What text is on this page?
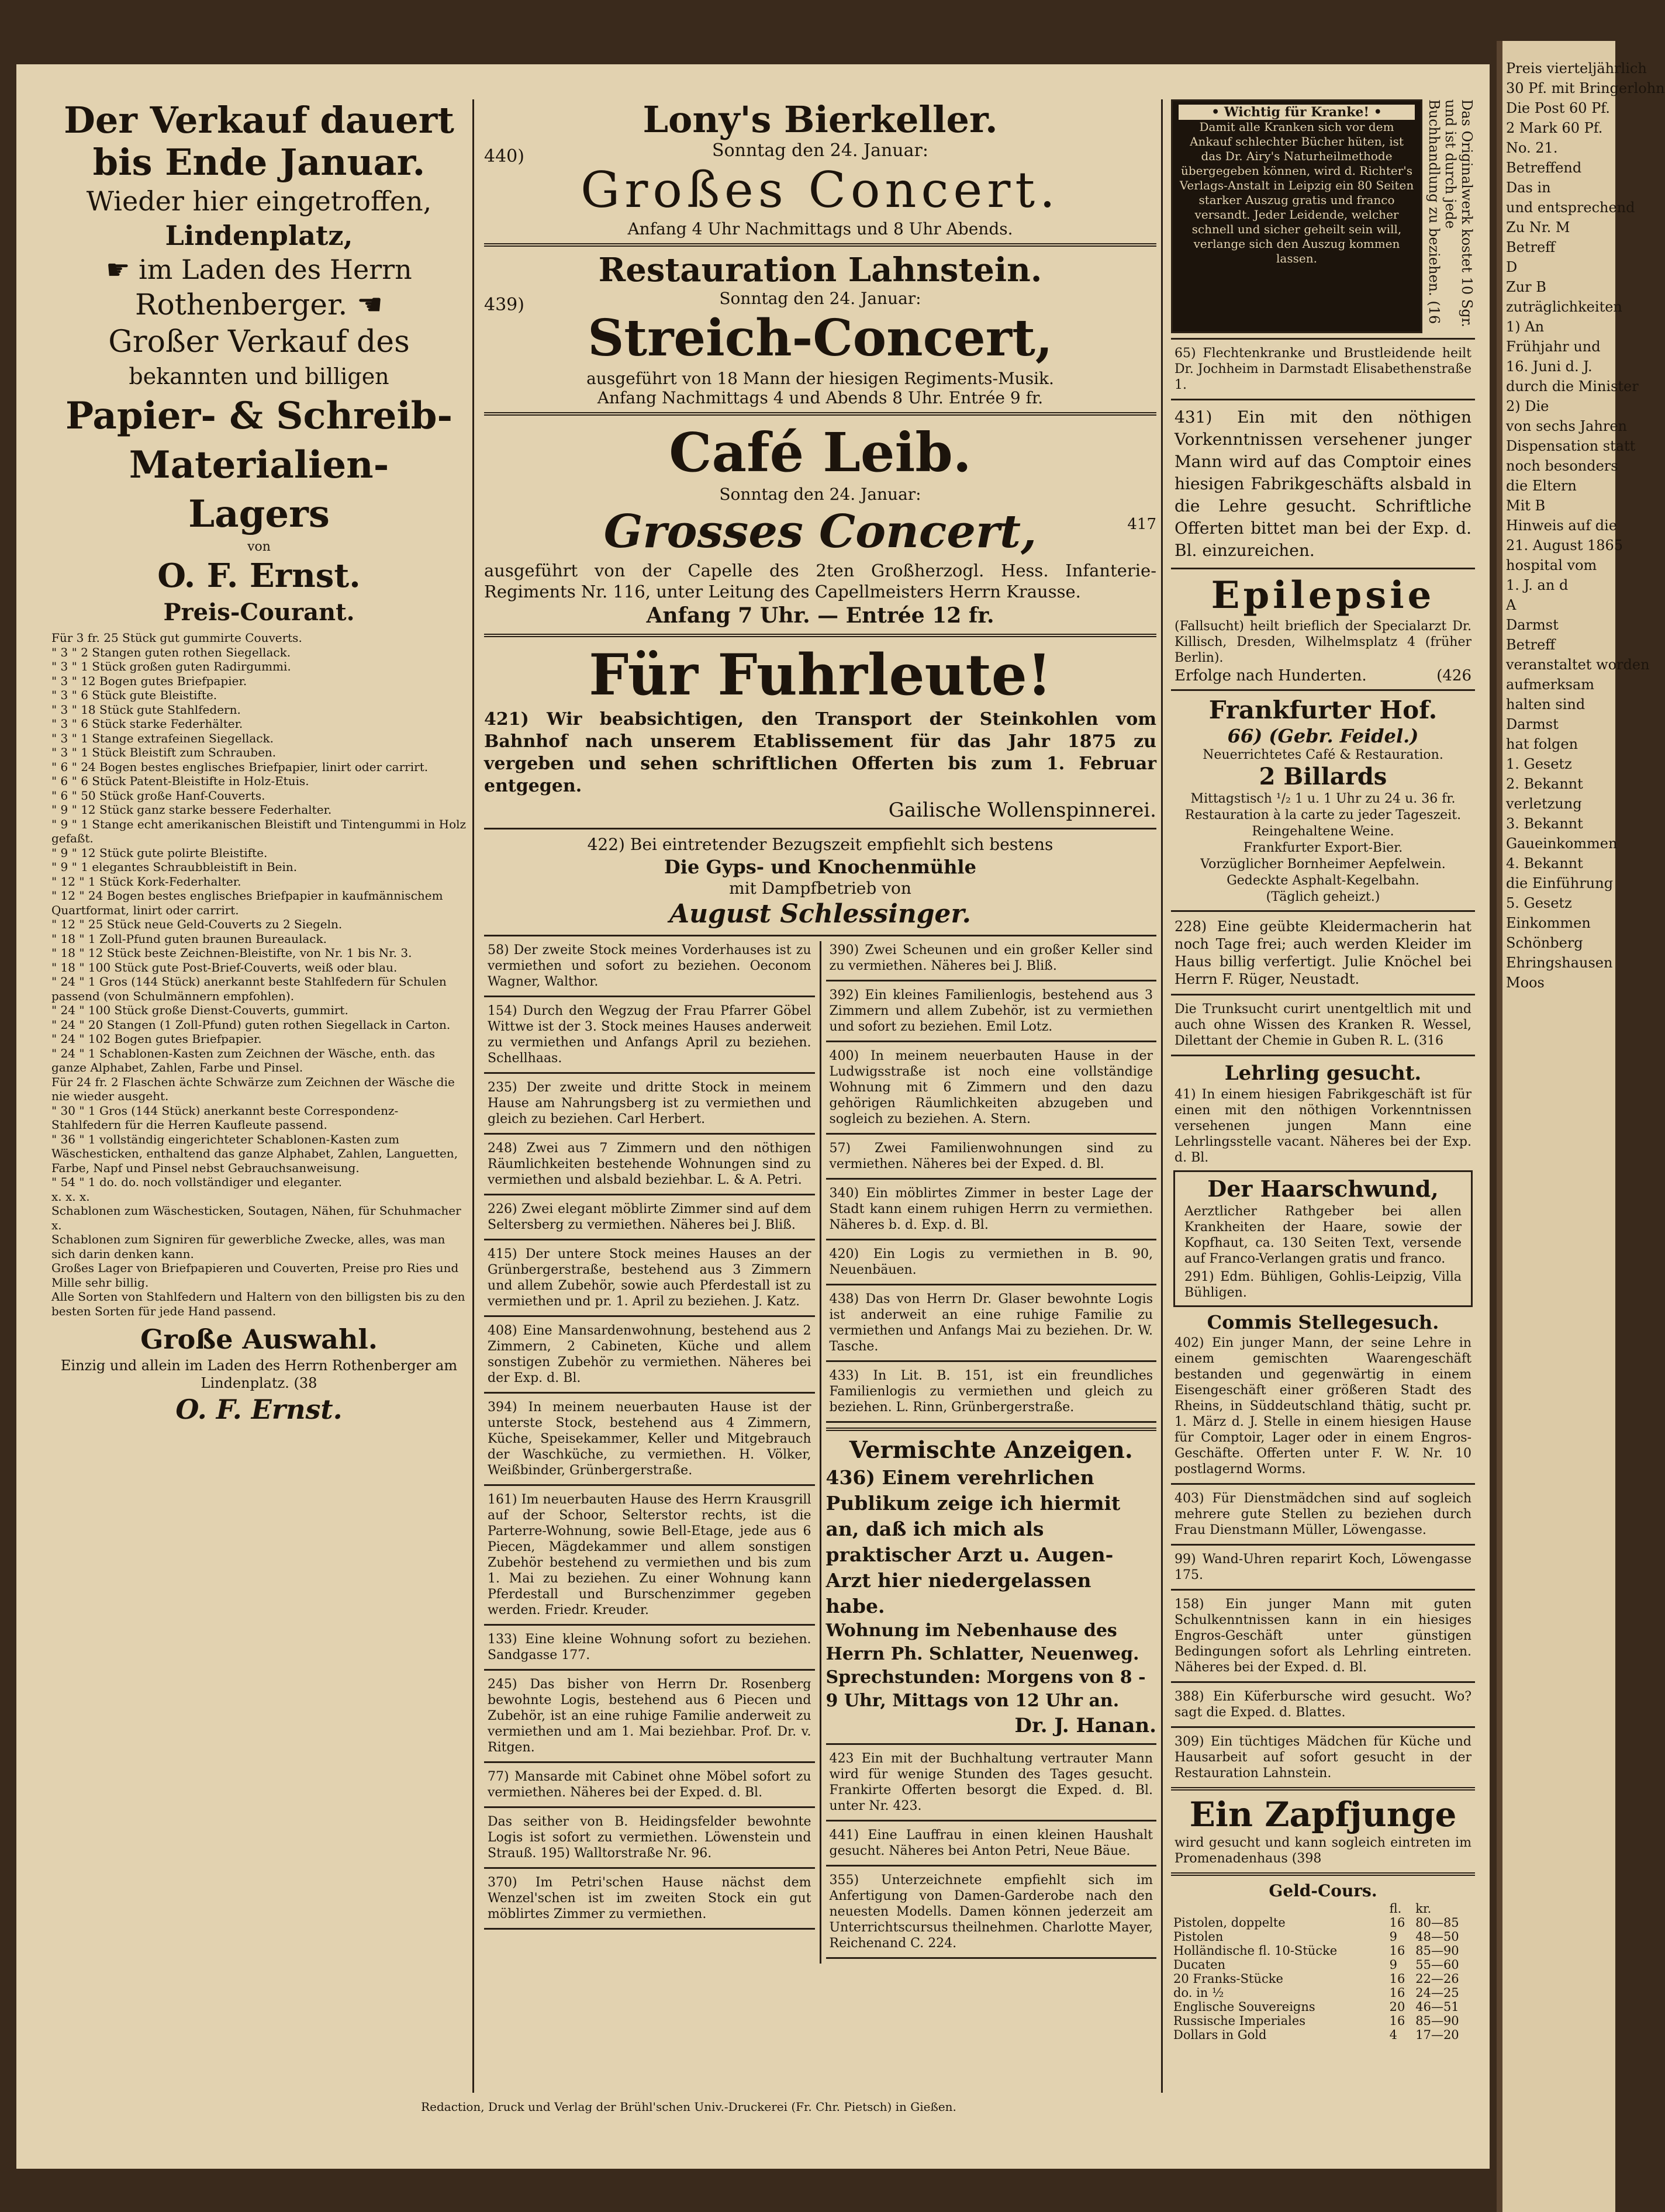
Der Verkauf dauert
bis Ende Januar.
Wieder hier eingetroffen,
Lindenplatz,
☛ im Laden des Herrn
Rothenberger. ☚
Großer Verkauf des
bekannten und billigen
Papier- & Schreib-
Materialien-
Lagers
von
O. F. Ernst.
Preis-Courant.
Für 3 fr. 25 Stück gut gummirte Couverts.
" 3 " 2 Stangen guten rothen Siegellack.
" 3 " 1 Stück großen guten Radirgummi.
" 3 " 12 Bogen gutes Briefpapier.
" 3 " 6 Stück gute Bleistifte.
" 3 " 18 Stück gute Stahlfedern.
" 3 " 6 Stück starke Federhälter.
" 3 " 1 Stange extrafeinen Siegellack.
" 3 " 1 Stück Bleistift zum Schrauben.
" 6 " 24 Bogen bestes englisches Briefpapier, linirt oder carrirt.
" 6 " 6 Stück Patent-Bleistifte in Holz-Etuis.
" 6 " 50 Stück große Hanf-Couverts.
" 9 " 12 Stück ganz starke bessere Federhalter.
" 9 " 1 Stange echt amerikanischen Bleistift und Tintengummi in Holz gefaßt.
" 9 " 12 Stück gute polirte Bleistifte.
" 9 " 1 elegantes Schraubbleistift in Bein.
" 12 " 1 Stück Kork-Federhalter.
" 12 " 24 Bogen bestes englisches Briefpapier in kaufmännischem Quartformat, linirt oder carrirt.
" 12 " 25 Stück neue Geld-Couverts zu 2 Siegeln.
" 18 " 1 Zoll-Pfund guten braunen Bureaulack.
" 18 " 12 Stück beste Zeichnen-Bleistifte, von Nr. 1 bis Nr. 3.
" 18 " 100 Stück gute Post-Brief-Couverts, weiß oder blau.
" 24 " 1 Gros (144 Stück) anerkannt beste Stahlfedern für Schulen passend (von Schulmännern empfohlen).
" 24 " 100 Stück große Dienst-Couverts, gummirt.
" 24 " 20 Stangen (1 Zoll-Pfund) guten rothen Siegellack in Carton.
" 24 " 102 Bogen gutes Briefpapier.
" 24 " 1 Schablonen-Kasten zum Zeichnen der Wäsche, enth. das ganze Alphabet, Zahlen, Farbe und Pinsel.
Für 24 fr. 2 Flaschen ächte Schwärze zum Zeichnen der Wäsche die nie wieder ausgeht.
" 30 " 1 Gros (144 Stück) anerkannt beste Correspondenz-Stahlfedern für die Herren Kaufleute passend.
" 36 " 1 vollständig eingerichteter Schablonen-Kasten zum Wäschesticken, enthaltend das ganze Alphabet, Zahlen, Languetten, Farbe, Napf und Pinsel nebst Gebrauchsanweisung.
" 54 " 1 do. do. noch vollständiger und eleganter.
x. x. x.
Schablonen zum Wäschesticken, Soutagen, Nähen, für Schuhmacher x.
Schablonen zum Signiren für gewerbliche Zwecke, alles, was man sich darin denken kann.
Großes Lager von Briefpapieren und Couverten, Preise pro Ries und Mille sehr billig.
Alle Sorten von Stahlfedern und Haltern von den billigsten bis zu den besten Sorten für jede Hand passend.
Große Auswahl.
Einzig und allein im Laden des Herrn Rothenberger am Lindenplatz. (38
O. F. Ernst.
Lony's Bierkeller.
440)	Sonntag den 24. Januar:
Großes Concert.
Anfang 4 Uhr Nachmittags und 8 Uhr Abends.
Restauration Lahnstein.
439)	Sonntag den 24. Januar:
Streich-Concert,
ausgeführt von 18 Mann der hiesigen Regiments-Musik.
Anfang Nachmittags 4 und Abends 8 Uhr. Entrée 9 fr.
Café Leib.
Sonntag den 24. Januar:
Grosses Concert,	417
ausgeführt von der Capelle des 2ten Großherzogl. Hess. Infanterie-Regiments Nr. 116, unter Leitung des Capellmeisters Herrn Krausse.
Anfang 7 Uhr. — Entrée 12 fr.
Für Fuhrleute!
421) Wir beabsichtigen, den Transport der Steinkohlen vom Bahnhof nach unserem Etablissement für das Jahr 1875 zu vergeben und sehen schriftlichen Offerten bis zum 1. Februar entgegen.
Gailische Wollenspinnerei.
422) Bei eintretender Bezugszeit empfiehlt sich bestens
Die Gyps- und Knochenmühle
mit Dampfbetrieb von
August Schlessinger.
58) Der zweite Stock meines Vorderhauses ist zu vermiethen und sofort zu beziehen. Oeconom Wagner, Walthor.
154) Durch den Wegzug der Frau Pfarrer Göbel Wittwe ist der 3. Stock meines Hauses anderweit zu vermiethen und Anfangs April zu beziehen. Schellhaas.
235) Der zweite und dritte Stock in meinem Hause am Nahrungsberg ist zu vermiethen und gleich zu beziehen. Carl Herbert.
248) Zwei aus 7 Zimmern und den nöthigen Räumlichkeiten bestehende Wohnungen sind zu vermiethen und alsbald beziehbar. L. & A. Petri.
226) Zwei elegant möblirte Zimmer sind auf dem Seltersberg zu vermiethen. Näheres bei J. Bliß.
415) Der untere Stock meines Hauses an der Grünbergerstraße, bestehend aus 3 Zimmern und allem Zubehör, sowie auch Pferdestall ist zu vermiethen und pr. 1. April zu beziehen. J. Katz.
408) Eine Mansardenwohnung, bestehend aus 2 Zimmern, 2 Cabineten, Küche und allem sonstigen Zubehör zu vermiethen. Näheres bei der Exp. d. Bl.
394) In meinem neuerbauten Hause ist der unterste Stock, bestehend aus 4 Zimmern, Küche, Speisekammer, Keller und Mitgebrauch der Waschküche, zu vermiethen. H. Völker, Weißbinder, Grünbergerstraße.
161) Im neuerbauten Hause des Herrn Krausgrill auf der Schoor, Selterstor rechts, ist die Parterre-Wohnung, sowie Bell-Etage, jede aus 6 Piecen, Mägdekammer und allem sonstigen Zubehör bestehend zu vermiethen und bis zum 1. Mai zu beziehen. Zu einer Wohnung kann Pferdestall und Burschenzimmer gegeben werden. Friedr. Kreuder.
133) Eine kleine Wohnung sofort zu beziehen. Sandgasse 177.
245) Das bisher von Herrn Dr. Rosenberg bewohnte Logis, bestehend aus 6 Piecen und Zubehör, ist an eine ruhige Familie anderweit zu vermiethen und am 1. Mai beziehbar. Prof. Dr. v. Ritgen.
77) Mansarde mit Cabinet ohne Möbel sofort zu vermiethen. Näheres bei der Exped. d. Bl.
Das seither von B. Heidingsfelder bewohnte Logis ist sofort zu vermiethen. Löwenstein und Strauß. 195) Walltorstraße Nr. 96.
370) Im Petri'schen Hause nächst dem Wenzel'schen ist im zweiten Stock ein gut möblirtes Zimmer zu vermiethen.
390) Zwei Scheunen und ein großer Keller sind zu vermiethen. Näheres bei J. Bliß.
392) Ein kleines Familienlogis, bestehend aus 3 Zimmern und allem Zubehör, ist zu vermiethen und sofort zu beziehen. Emil Lotz.
400) In meinem neuerbauten Hause in der Ludwigsstraße ist noch eine vollständige Wohnung mit 6 Zimmern und den dazu gehörigen Räumlichkeiten abzugeben und sogleich zu beziehen. A. Stern.
57) Zwei Familienwohnungen sind zu vermiethen. Näheres bei der Exped. d. Bl.
340) Ein möblirtes Zimmer in bester Lage der Stadt kann einem ruhigen Herrn zu vermiethen. Näheres b. d. Exp. d. Bl.
420) Ein Logis zu vermiethen in B. 90, Neuenbäuen.
438) Das von Herrn Dr. Glaser bewohnte Logis ist anderweit an eine ruhige Familie zu vermiethen und Anfangs Mai zu beziehen. Dr. W. Tasche.
433) In Lit. B. 151, ist ein freundliches Familienlogis zu vermiethen und gleich zu beziehen. L. Rinn, Grünbergerstraße.
Vermischte Anzeigen.
436) Einem verehrlichen Publikum zeige ich hiermit an, daß ich mich als praktischer Arzt u. Augen-Arzt hier niedergelassen habe.
Wohnung im Nebenhause des Herrn Ph. Schlatter, Neuenweg.
Sprechstunden: Morgens von 8 - 9 Uhr, Mittags von 12 Uhr an.
Dr. J. Hanan.
423 Ein mit der Buchhaltung vertrauter Mann wird für wenige Stunden des Tages gesucht. Frankirte Offerten besorgt die Exped. d. Bl. unter Nr. 423.
441) Eine Lauffrau in einen kleinen Haushalt gesucht. Näheres bei Anton Petri, Neue Bäue.
355) Unterzeichnete empfiehlt sich im Anfertigung von Damen-Garderobe nach den neuesten Modells. Damen können jederzeit am Unterrichtscursus theilnehmen. Charlotte Mayer, Reichenand C. 224.
• Wichtig für Kranke! •
Damit alle Kranken sich vor dem Ankauf schlechter Bücher hüten, ist das Dr. Airy's Naturheilmethode übergegeben können, wird d. Richter's Verlags-Anstalt in Leipzig ein 80 Seiten starker Auszug gratis und franco versandt. Jeder Leidende, welcher schnell und sicher geheilt sein will, verlange sich den Auszug kommen lassen.	Das Originalwerk kostet 10 Sgr. und ist durch jede Buchhandlung zu beziehen. (16
65) Flechtenkranke und Brustleidende heilt Dr. Jochheim in Darmstadt Elisabethenstraße 1.
431) Ein mit den nöthigen Vorkenntnissen versehener junger Mann wird auf das Comptoir eines hiesigen Fabrikgeschäfts alsbald in die Lehre gesucht. Schriftliche Offerten bittet man bei der Exp. d. Bl. einzureichen.
Epilepsie
(Fallsucht) heilt brieflich der Specialarzt Dr. Killisch, Dresden, Wilhelmsplatz 4 (früher Berlin).
Erfolge nach Hunderten.	(426
Frankfurter Hof.
66) (Gebr. Feidel.)
Neuerrichtetes Café & Restauration.
2 Billards
Mittagstisch ¹/₂ 1 u. 1 Uhr zu 24 u. 36 fr.
Restauration à la carte zu jeder Tageszeit.
Reingehaltene Weine.
Frankfurter Export-Bier.
Vorzüglicher Bornheimer Aepfelwein.
Gedeckte Asphalt-Kegelbahn.
(Täglich geheizt.)
228) Eine geübte Kleidermacherin hat noch Tage frei; auch werden Kleider im Haus billig verfertigt. Julie Knöchel bei Herrn F. Rüger, Neustadt.
Die Trunksucht curirt unentgeltlich mit und auch ohne Wissen des Kranken R. Wessel, Dilettant der Chemie in Guben R. L. (316
Lehrling gesucht.
41) In einem hiesigen Fabrikgeschäft ist für einen mit den nöthigen Vorkenntnissen versehenen jungen Mann eine Lehrlingsstelle vacant. Näheres bei der Exp. d. Bl.
Der Haarschwund,
Aerztlicher Rathgeber bei allen Krankheiten der Haare, sowie der Kopfhaut, ca. 130 Seiten Text, versende auf Franco-Verlangen gratis und franco.
291) Edm. Bühligen, Gohlis-Leipzig, Villa Bühligen.
Commis Stellegesuch.
402) Ein junger Mann, der seine Lehre in einem gemischten Waarengeschäft bestanden und gegenwärtig in einem Eisengeschäft einer größeren Stadt des Rheins, in Süddeutschland thätig, sucht pr. 1. März d. J. Stelle in einem hiesigen Hause für Comptoir, Lager oder in einem Engros-Geschäfte. Offerten unter F. W. Nr. 10 postlagernd Worms.
403) Für Dienstmädchen sind auf sogleich mehrere gute Stellen zu beziehen durch Frau Dienstmann Müller, Löwengasse.
99) Wand-Uhren reparirt Koch, Löwengasse 175.
158) Ein junger Mann mit guten Schulkenntnissen kann in ein hiesiges Engros-Geschäft unter günstigen Bedingungen sofort als Lehrling eintreten. Näheres bei der Exped. d. Bl.
388) Ein Küferbursche wird gesucht. Wo? sagt die Exped. d. Blattes.
309) Ein tüchtiges Mädchen für Küche und Hausarbeit auf sofort gesucht in der Restauration Lahnstein.
Ein Zapfjunge
wird gesucht und kann sogleich eintreten im Promenadenhaus (398
Geld-Cours.
	fl.	kr.
Pistolen, doppelte	16	80—85
Pistolen	9	48—50
Holländische fl. 10-Stücke	16	85—90
Ducaten	9	55—60
20 Franks-Stücke	16	22—26
do. in ½	16	24—25
Englische Souvereigns	20	46—51
Russische Imperiales	16	85—90
Dollars in Gold	4	17—20
Redaction, Druck und Verlag der Brühl'schen Univ.-Druckerei (Fr. Chr. Pietsch) in Gießen.
Preis vierteljährlich
30 Pf. mit Bringerlohn
Die Post 60 Pf.
2 Mark 60 Pf.
No. 21.
Betreffend
Das in
und entsprechend
Zu Nr. M
Betreff
D
Zur B
zuträglichkeiten
1) An
Frühjahr und
16. Juni d. J.
durch die Minister
2) Die
von sechs Jahren
Dispensation statt
noch besonders
die Eltern
Mit B
Hinweis auf die
21. August 1865
hospital vom
1. J. an d
A
Darmst
Betreff
veranstaltet worden
aufmerksam
halten sind
Darmst
hat folgen
1. Gesetz
2. Bekannt
verletzung
3. Bekannt
Gaueinkommen
4. Bekannt
die Einführung
5. Gesetz
Einkommen
Schönberg
Ehringshausen
Moos
